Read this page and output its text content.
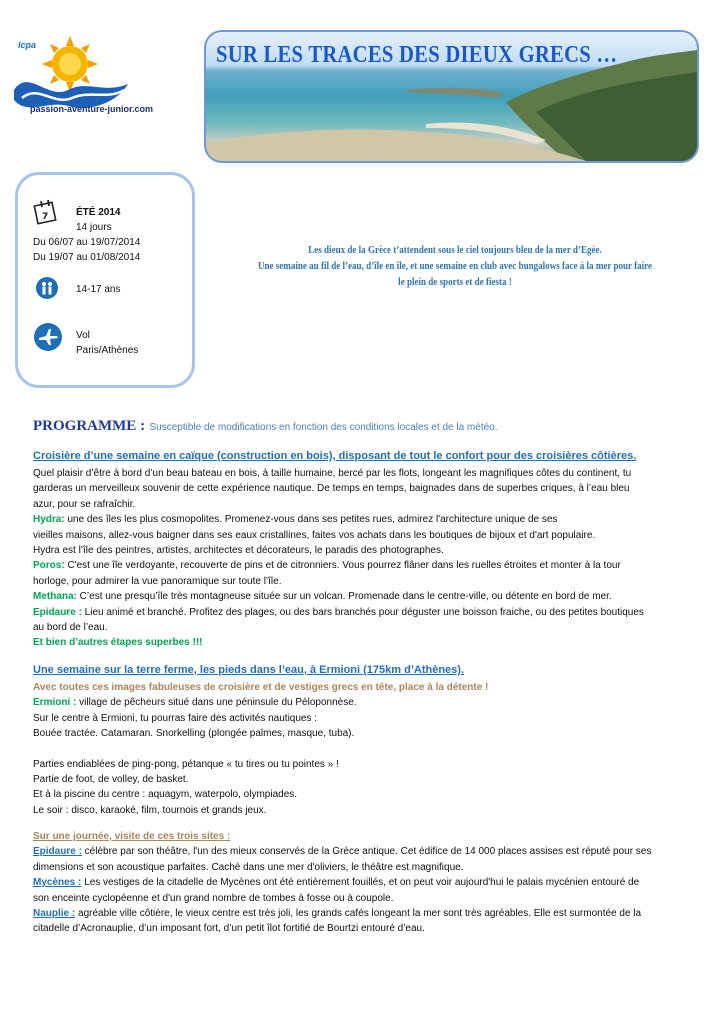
lcpa
passion-aventure-junior.com
SUR LES TRACES DES DIEUX GRECS …
7	ÉTÉ 2014
14 jours
Du 06/07 au 19/07/2014
Du 19/07 au 01/08/2014
14-17 ans
Vol
Paris/Athènes
Les dieux de la Grèce t’attendent sous le ciel toujours bleu de la mer d’Egée.
Une semaine au fil de l’eau, d’île en île, et une semaine en club avec bungalows face à la mer pour faire
le plein de sports et de fiesta !
PROGRAMME : Susceptible de modifications en fonction des conditions locales et de la météo.
Croisière d’une semaine en caïque (construction en bois), disposant de tout le confort pour des croisières côtières.
Quel plaisir d’être à bord d’un beau bateau en bois, à taille humaine, bercé par les flots, longeant les magnifiques côtes du continent, tu
garderas un merveilleux souvenir de cette expérience nautique. De temps en temps, baignades dans de superbes criques, à l’eau bleu
azur, pour se rafraîchir.
Hydra: une des îles les plus cosmopolites. Promenez-vous dans ses petites rues, admirez l'architecture unique de ses
vieilles maisons, allez-vous baigner dans ses eaux cristallines, faites vos achats dans les boutiques de bijoux et d'art populaire.
Hydra est l’île des peintres, artistes, architectes et décorateurs, le paradis des photographes.
Poros: C'est une île verdoyante, recouverte de pins et de citronniers. Vous pourrez flâner dans les ruelles étroites et monter à la tour
horloge, pour admirer la vue panoramique sur toute l’île.
Methana: C’est une presqu’île très montagneuse située sur un volcan. Promenade dans le centre-ville, ou détente en bord de mer.
Epidaure : Lieu animé et branché. Profitez des plages, ou des bars branchés pour déguster une boisson fraiche, ou des petites boutiques
au bord de l’eau.
Et bien d’autres étapes superbes !!!
Une semaine sur la terre ferme, les pieds dans l’eau, à Ermioni (175km d’Athènes).
Avec toutes ces images fabuleuses de croisière et de vestiges grecs en tête, place à la détente !
Ermioni : village de pêcheurs situé dans une péninsule du Péloponnèse.
Sur le centre à Ermioni, tu pourras faire des activités nautiques :
Bouée tractée. Catamaran. Snorkelling (plongée palmes, masque, tuba).
Parties endiablées de ping-pong, pétanque « tu tires ou tu pointes » !
Partie de foot, de volley, de basket.
Et à la piscine du centre : aquagym, waterpolo, olympiades.
Le soir : disco, karaoké, film, tournois et grands jeux.
Sur une journée, visite de ces trois sites :
Epidaure : célèbre par son théâtre, l'un des mieux conservés de la Grèce antique. Cet édifice de 14 000 places assises est réputé pour ses
dimensions et son acoustique parfaites. Caché dans une mer d'oliviers, le théâtre est magnifique.
Mycènes : Les vestiges de la citadelle de Mycènes ont été entièrement fouillés, et on peut voir aujourd'hui le palais mycénien entouré de
son enceinte cyclopéenne et d'un grand nombre de tombes à fosse ou à coupole.
Nauplie : agréable ville côtière, le vieux centre est très joli, les grands cafés longeant la mer sont très agréables. Elle est surmontée de la
citadelle d’Acronauplie, d’un imposant fort, d’un petit îlot fortifié de Bourtzi entouré d’eau.
